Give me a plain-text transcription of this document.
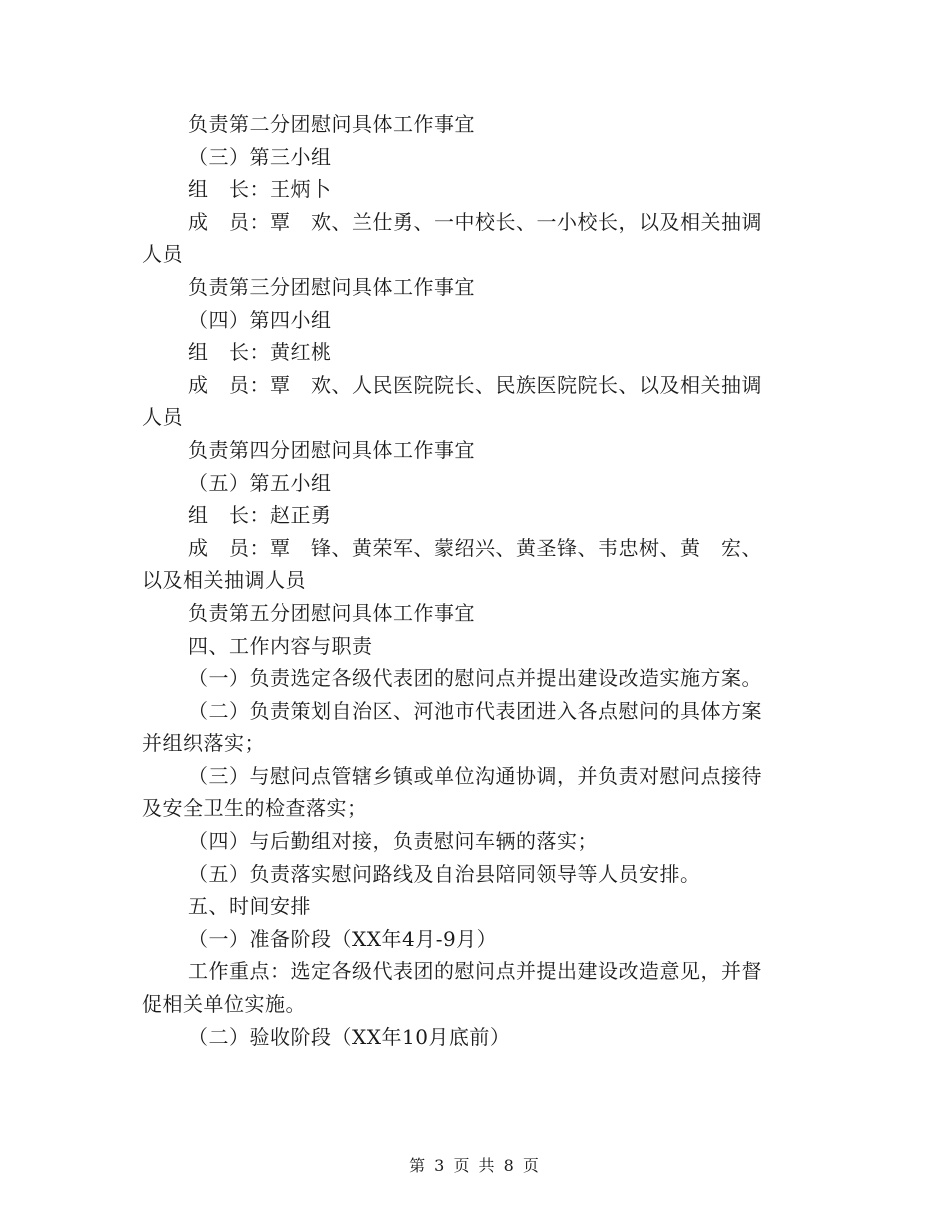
负责第二分团慰问具体工作事宜
（三）第三小组
组　长：王炳卜
成　员：覃　欢、兰仕勇、一中校长、一小校长，以及相关抽调
人员
负责第三分团慰问具体工作事宜
（四）第四小组
组　长：黄红桃
成　员：覃　欢、人民医院院长、民族医院院长、以及相关抽调
人员
负责第四分团慰问具体工作事宜
（五）第五小组
组　长：赵正勇
成　员：覃　锋、黄荣军、蒙绍兴、黄圣锋、韦忠树、黄　宏、
以及相关抽调人员
负责第五分团慰问具体工作事宜
四、工作内容与职责
（一）负责选定各级代表团的慰问点并提出建设改造实施方案。
（二）负责策划自治区、河池市代表团进入各点慰问的具体方案
并组织落实；
（三）与慰问点管辖乡镇或单位沟通协调，并负责对慰问点接待
及安全卫生的检查落实；
（四）与后勤组对接，负责慰问车辆的落实；
（五）负责落实慰问路线及自治县陪同领导等人员安排。
五、时间安排
（一）准备阶段（XX年4月-9月）
工作重点：选定各级代表团的慰问点并提出建设改造意见，并督
促相关单位实施。
（二）验收阶段（XX年10月底前）
第 3 页 共 8 页
